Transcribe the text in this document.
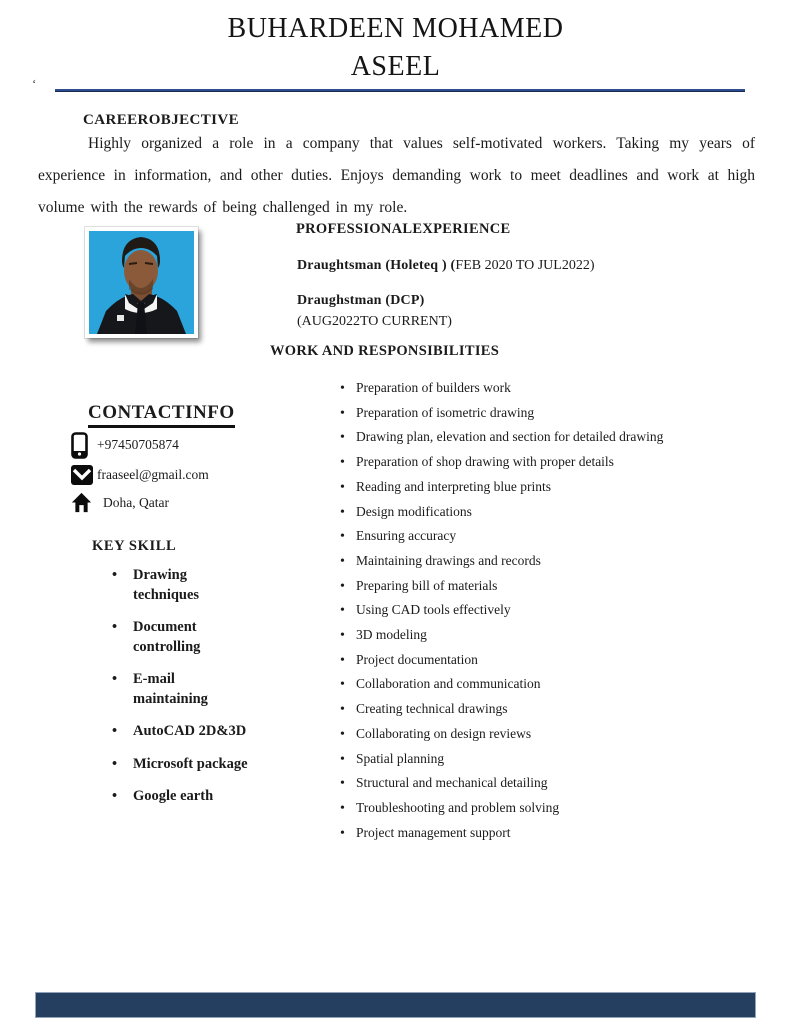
BUHARDEEN MOHAMED
ASEEL
‘
CAREEROBJECTIVE

Highly organized a role in a company that values self-motivated workers. Taking my years of experience in information, and other duties. Enjoys demanding work to meet deadlines and work at high volume with the rewards of being challenged in my role.

PROFESSIONALEXPERIENCE
Draughtsman (Holeteq ) (FEB 2020 TO JUL2022)
Draughstman (DCP)
(AUG2022TO CURRENT)
WORK AND RESPONSIBILITIES
• Preparation of builders work
• Preparation of isometric drawing
• Drawing plan, elevation and section for detailed drawing
• Preparation of shop drawing with proper details
• Reading and interpreting blue prints
• Design modifications
• Ensuring accuracy
• Maintaining drawings and records
• Preparing bill of materials
• Using CAD tools effectively
• 3D modeling
• Project documentation
• Collaboration and communication
• Creating technical drawings
• Collaborating on design reviews
• Spatial planning
• Structural and mechanical detailing
• Troubleshooting and problem solving
• Project management support
CONTACTINFO
+97450705874
fraaseel@gmail.com
Doha, Qatar
KEY SKILL
• Drawing techniques
• Document controlling
• E-mail maintaining
• AutoCAD 2D&3D
• Microsoft package
• Google earth
